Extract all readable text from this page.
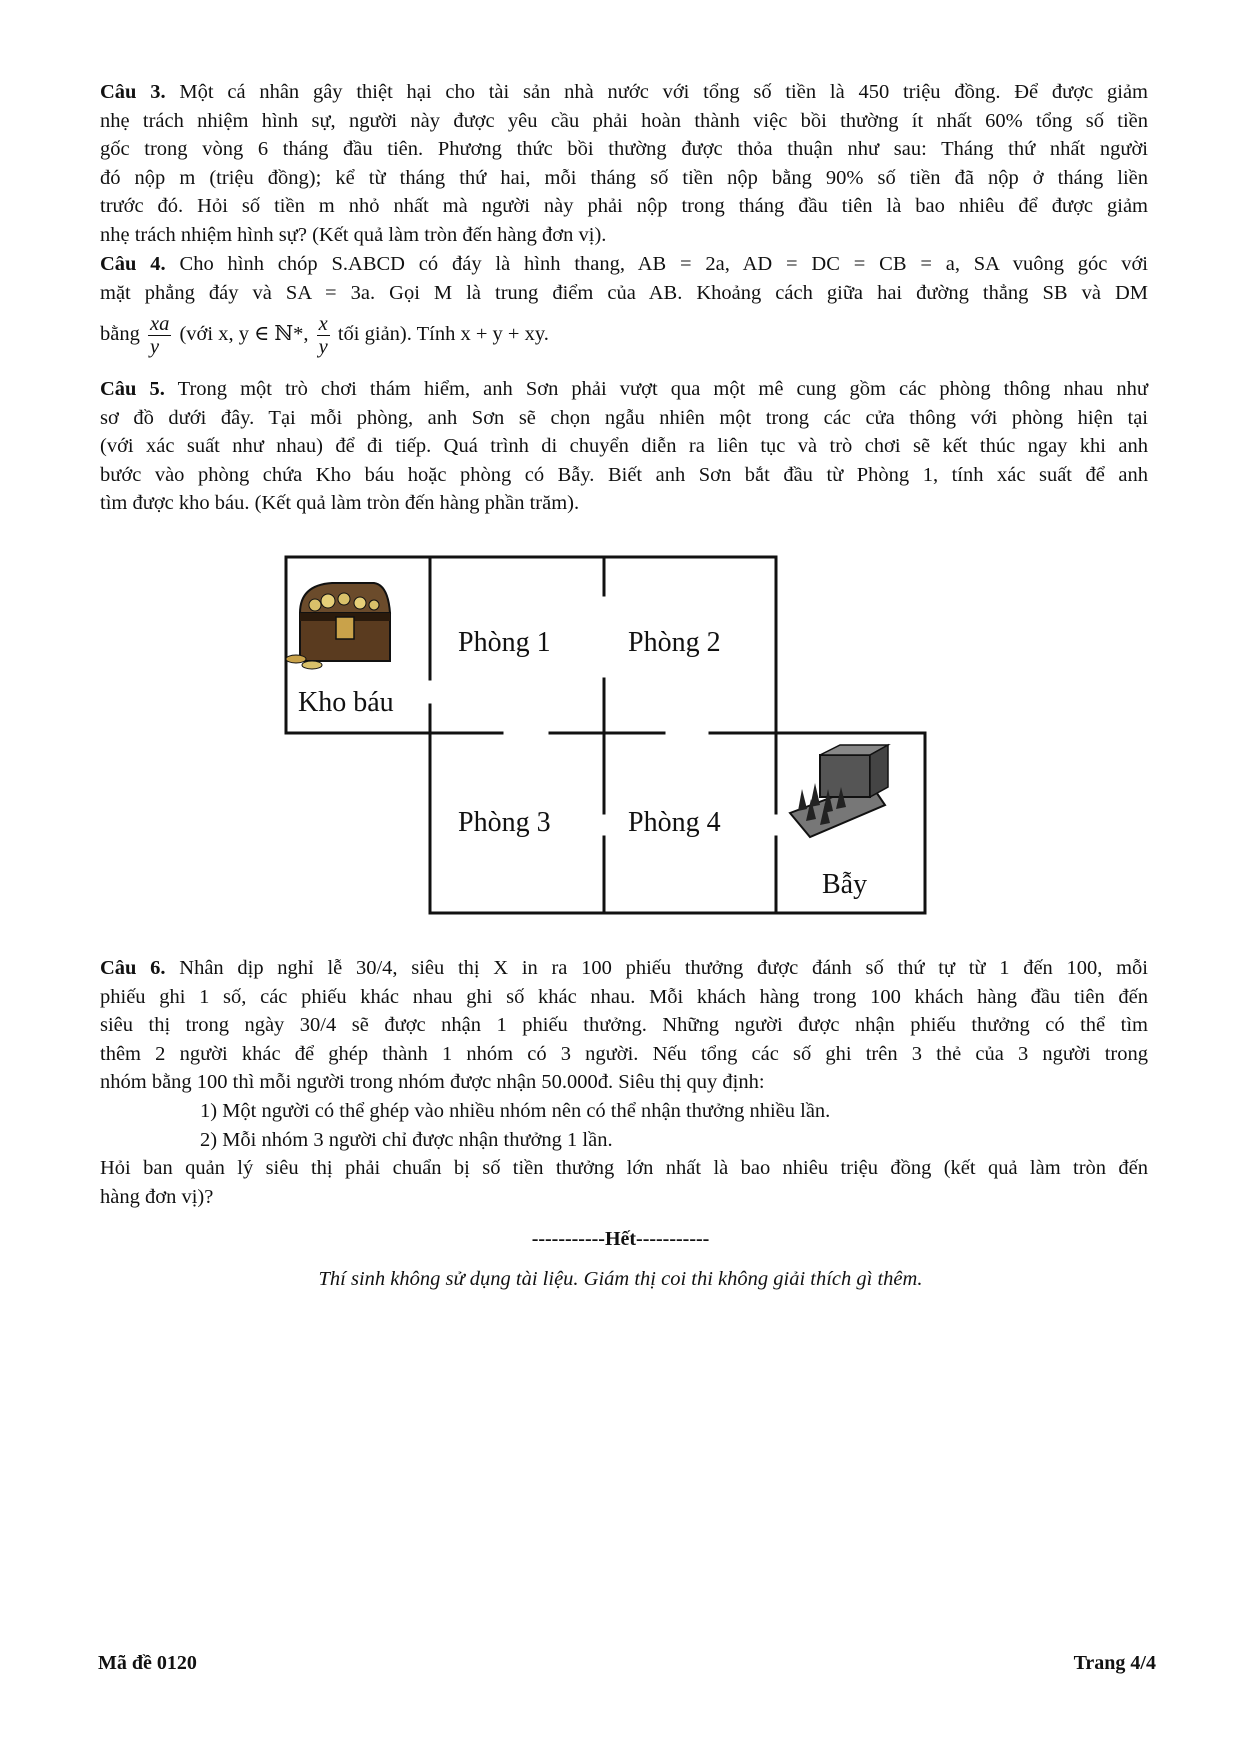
Câu 3. Một cá nhân gây thiệt hại cho tài sản nhà nước với tổng số tiền là 450 triệu đồng. Để được giảm
nhẹ trách nhiệm hình sự, người này được yêu cầu phải hoàn thành việc bồi thường ít nhất 60% tổng số tiền
gốc trong vòng 6 tháng đầu tiên. Phương thức bồi thường được thỏa thuận như sau: Tháng thứ nhất người
đó nộp m (triệu đồng); kể từ tháng thứ hai, mỗi tháng số tiền nộp bằng 90% số tiền đã nộp ở tháng liền
trước đó. Hỏi số tiền m nhỏ nhất mà người này phải nộp trong tháng đầu tiên là bao nhiêu để được giảm
nhẹ trách nhiệm hình sự? (Kết quả làm tròn đến hàng đơn vị).
Câu 4. Cho hình chóp S.ABCD có đáy là hình thang, AB = 2a, AD = DC = CB = a, SA vuông góc với
mặt phẳng đáy và SA = 3a. Gọi M là trung điểm của AB. Khoảng cách giữa hai đường thẳng SB và DM
bằng $\frac{xa}{y}$ (với x, y ∈ ℕ*, $\frac{x}{y}$ tối giản). Tính x + y + xy.
Câu 5. Trong một trò chơi thám hiểm, anh Sơn phải vượt qua một mê cung gồm các phòng thông nhau như
sơ đồ dưới đây. Tại mỗi phòng, anh Sơn sẽ chọn ngẫu nhiên một trong các cửa thông với phòng hiện tại
(với xác suất như nhau) để đi tiếp. Quá trình di chuyển diễn ra liên tục và trò chơi sẽ kết thúc ngay khi anh
bước vào phòng chứa Kho báu hoặc phòng có Bẫy. Biết anh Sơn bắt đầu từ Phòng 1, tính xác suất để anh
tìm được kho báu. (Kết quả làm tròn đến hàng phần trăm).
Kho báu
Phòng 1	Phòng 2
Phòng 3	Phòng 4
Bẫy
Câu 6. Nhân dịp nghỉ lễ 30/4, siêu thị X in ra 100 phiếu thưởng được đánh số thứ tự từ 1 đến 100, mỗi
phiếu ghi 1 số, các phiếu khác nhau ghi số khác nhau. Mỗi khách hàng trong 100 khách hàng đầu tiên đến
siêu thị trong ngày 30/4 sẽ được nhận 1 phiếu thưởng. Những người được nhận phiếu thưởng có thể tìm
thêm 2 người khác để ghép thành 1 nhóm có 3 người. Nếu tổng các số ghi trên 3 thẻ của 3 người trong
nhóm bằng 100 thì mỗi người trong nhóm được nhận 50.000đ. Siêu thị quy định:
1) Một người có thể ghép vào nhiều nhóm nên có thể nhận thưởng nhiều lần.
2) Mỗi nhóm 3 người chỉ được nhận thưởng 1 lần.
Hỏi ban quản lý siêu thị phải chuẩn bị số tiền thưởng lớn nhất là bao nhiêu triệu đồng (kết quả làm tròn đến
hàng đơn vị)?
-----------Hết-----------
Thí sinh không sử dụng tài liệu. Giám thị coi thi không giải thích gì thêm.
Mã đề 0120	Trang 4/4
